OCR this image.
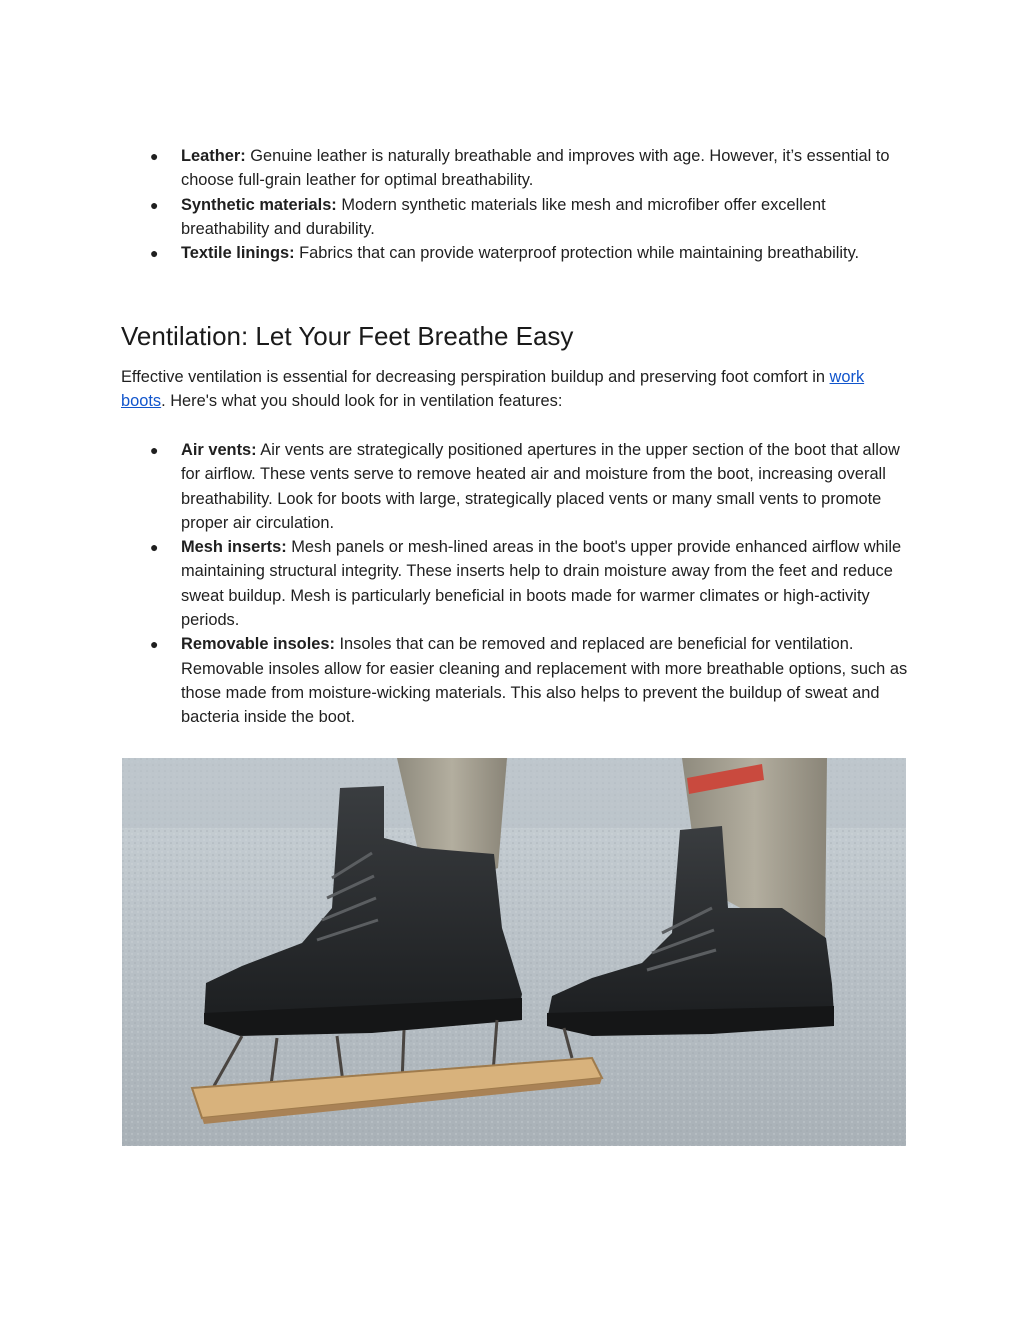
● Leather: Genuine leather is naturally breathable and improves with age. However, it’s essential to choose full-grain leather for optimal breathability.
● Synthetic materials: Modern synthetic materials like mesh and microfiber offer excellent breathability and durability.
● Textile linings: Fabrics that can provide waterproof protection while maintaining breathability.
Ventilation: Let Your Feet Breathe Easy

Effective ventilation is essential for decreasing perspiration buildup and preserving foot comfort in work boots. Here's what you should look for in ventilation features:

● Air vents: Air vents are strategically positioned apertures in the upper section of the boot that allow for airflow. These vents serve to remove heated air and moisture from the boot, increasing overall breathability. Look for boots with large, strategically placed vents or many small vents to promote proper air circulation.
● Mesh inserts: Mesh panels or mesh-lined areas in the boot's upper provide enhanced airflow while maintaining structural integrity. These inserts help to drain moisture away from the feet and reduce sweat buildup. Mesh is particularly beneficial in boots made for warmer climates or high-activity periods.
● Removable insoles: Insoles that can be removed and replaced are beneficial for ventilation. Removable insoles allow for easier cleaning and replacement with more breathable options, such as those made from moisture-wicking materials. This also helps to prevent the buildup of sweat and bacteria inside the boot.
